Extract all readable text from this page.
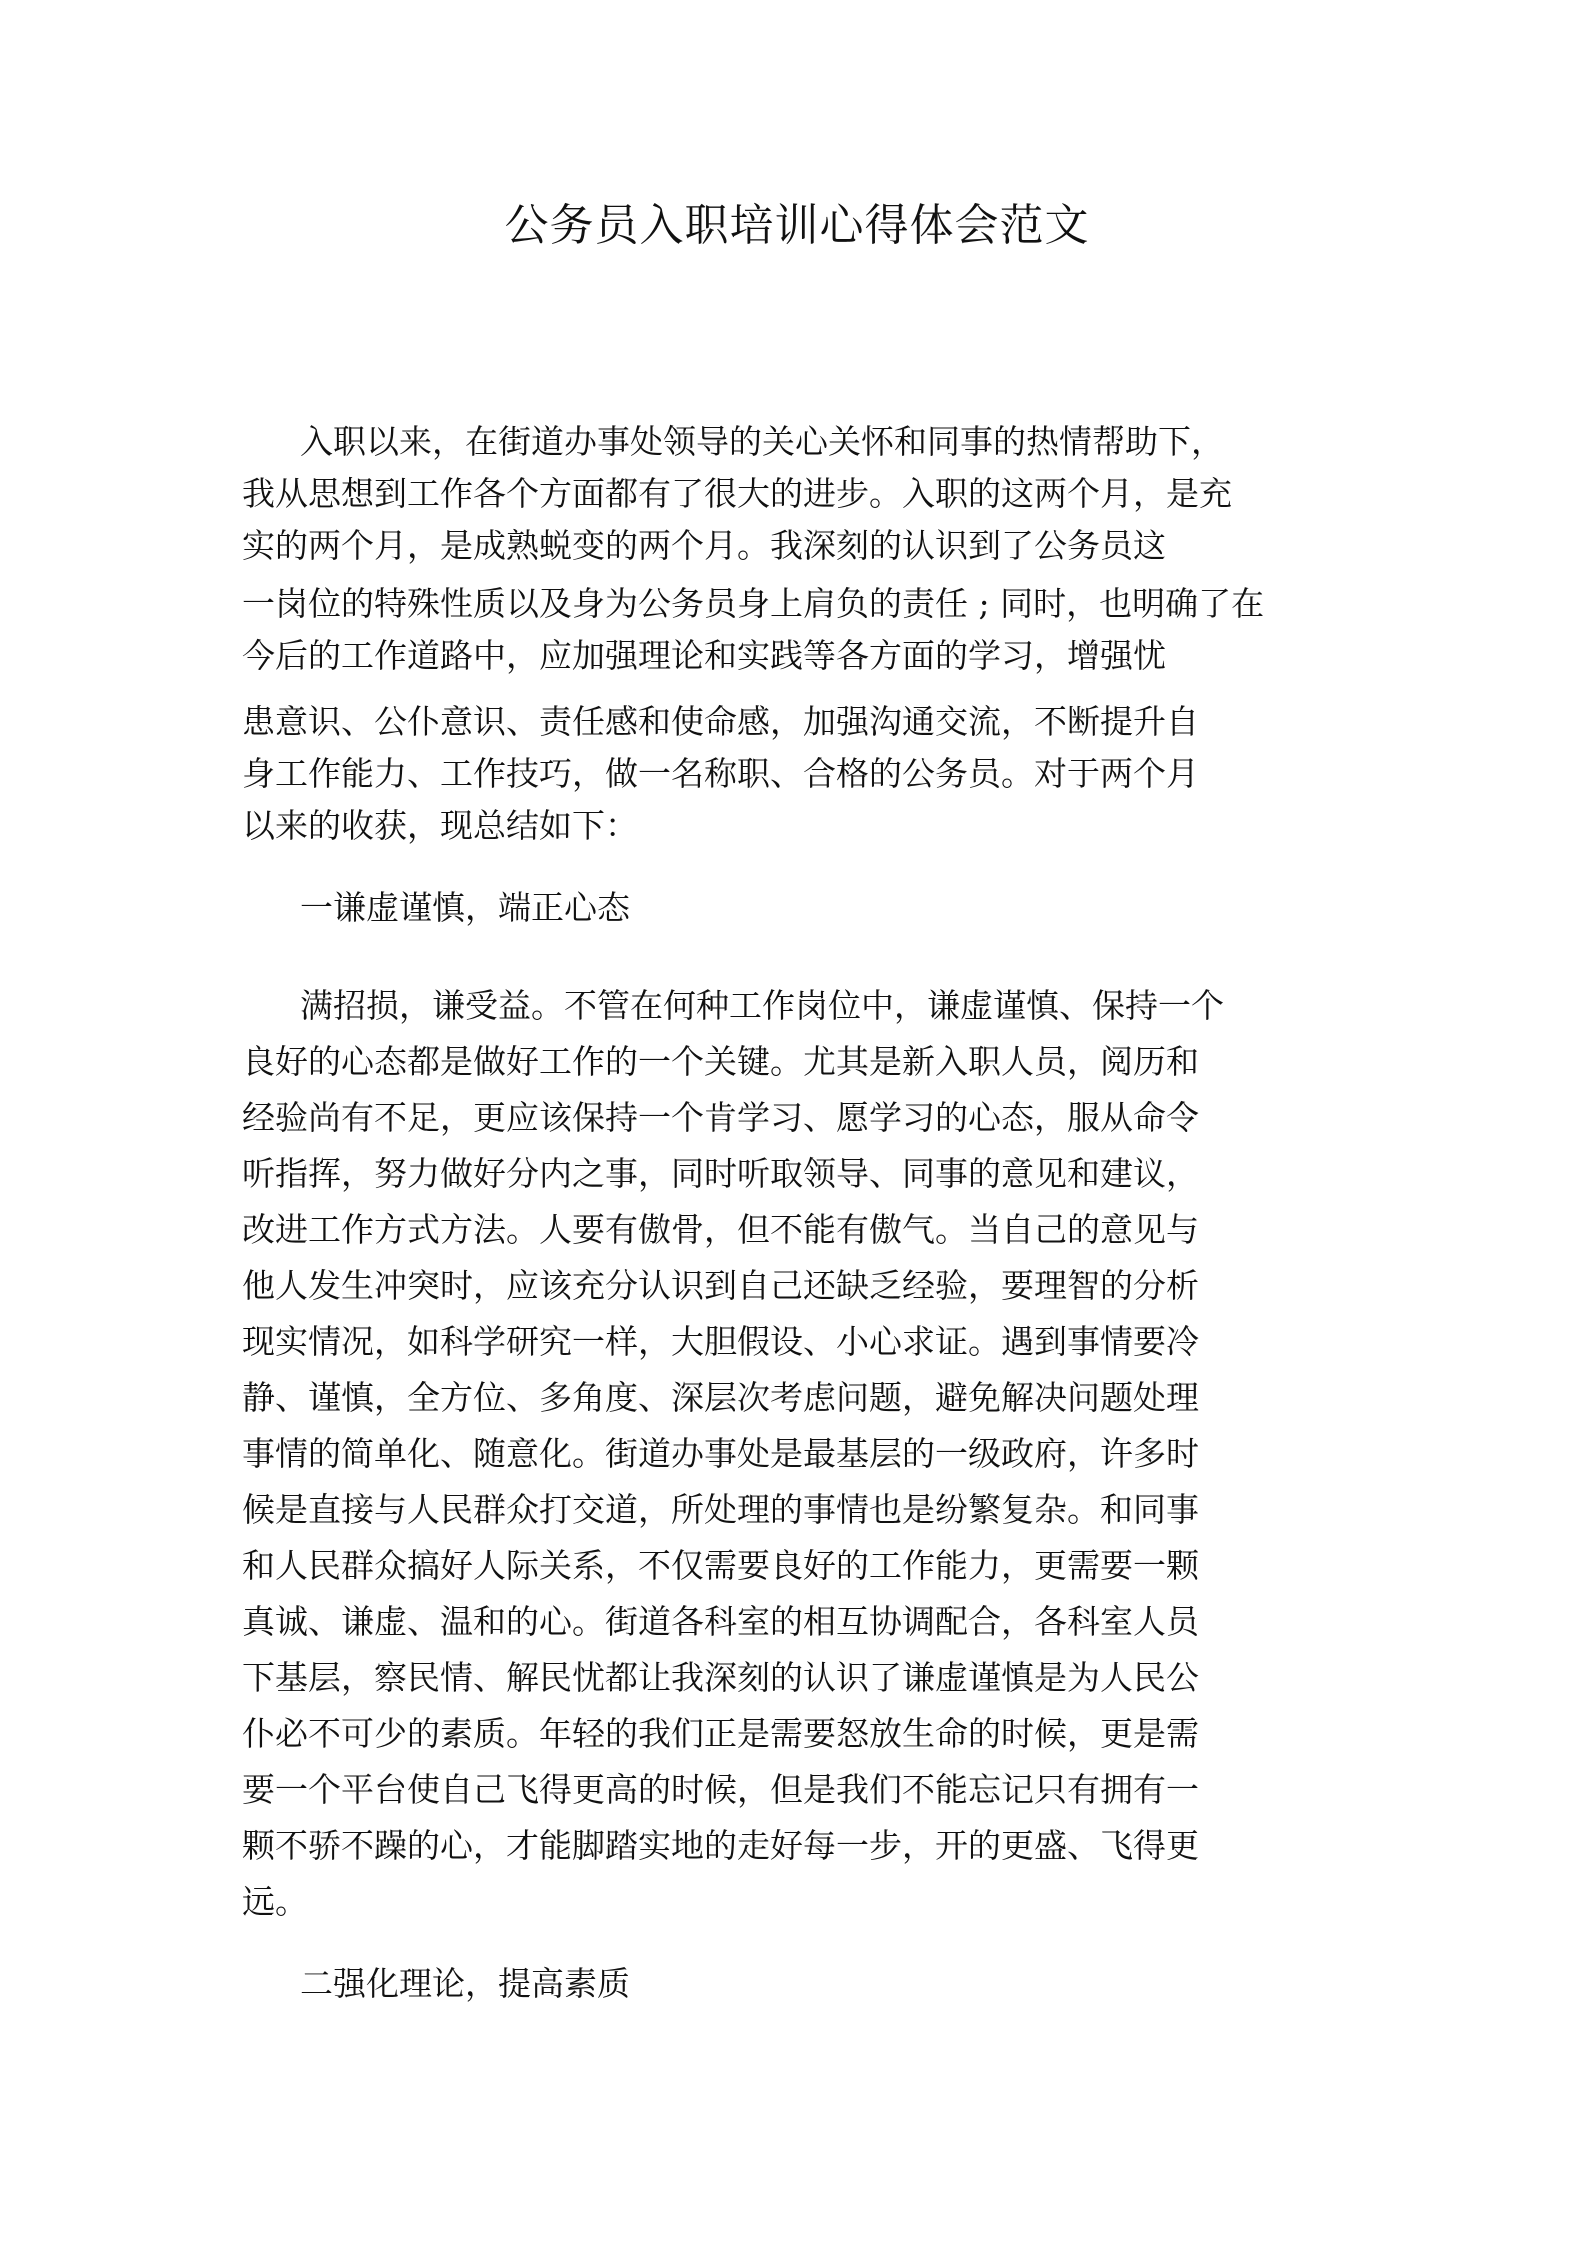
公务员入职培训心得体会范文
入职以来，在街道办事处领导的关心关怀和同事的热情帮助下，
我从思想到工作各个方面都有了很大的进步。入职的这两个月，是充
实的两个月，是成熟蜕变的两个月。我深刻的认识到了公务员这
一岗位的特殊性质以及身为公务员身上肩负的责任 ; 同时，也明确了在
今后的工作道路中，应加强理论和实践等各方面的学习，增强忧
患意识、公仆意识、责任感和使命感，加强沟通交流，不断提升自
身工作能力、工作技巧，做一名称职、合格的公务员。对于两个月
以来的收获，现总结如下：
一谦虚谨慎，端正心态
满招损，谦受益。不管在何种工作岗位中，谦虚谨慎、保持一个
良好的心态都是做好工作的一个关键。尤其是新入职人员，阅历和
经验尚有不足，更应该保持一个肯学习、愿学习的心态，服从命令
听指挥，努力做好分内之事，同时听取领导、同事的意见和建议，
改进工作方式方法。人要有傲骨，但不能有傲气。当自己的意见与
他人发生冲突时，应该充分认识到自己还缺乏经验，要理智的分析
现实情况，如科学研究一样，大胆假设、小心求证。遇到事情要冷
静、谨慎，全方位、多角度、深层次考虑问题，避免解决问题处理
事情的简单化、随意化。街道办事处是最基层的一级政府，许多时
候是直接与人民群众打交道，所处理的事情也是纷繁复杂。和同事
和人民群众搞好人际关系，不仅需要良好的工作能力，更需要一颗
真诚、谦虚、温和的心。街道各科室的相互协调配合，各科室人员
下基层，察民情、解民忧都让我深刻的认识了谦虚谨慎是为人民公
仆必不可少的素质。年轻的我们正是需要怒放生命的时候，更是需
要一个平台使自己飞得更高的时候，但是我们不能忘记只有拥有一
颗不骄不躁的心，才能脚踏实地的走好每一步，开的更盛、飞得更
远。
二强化理论，提高素质
